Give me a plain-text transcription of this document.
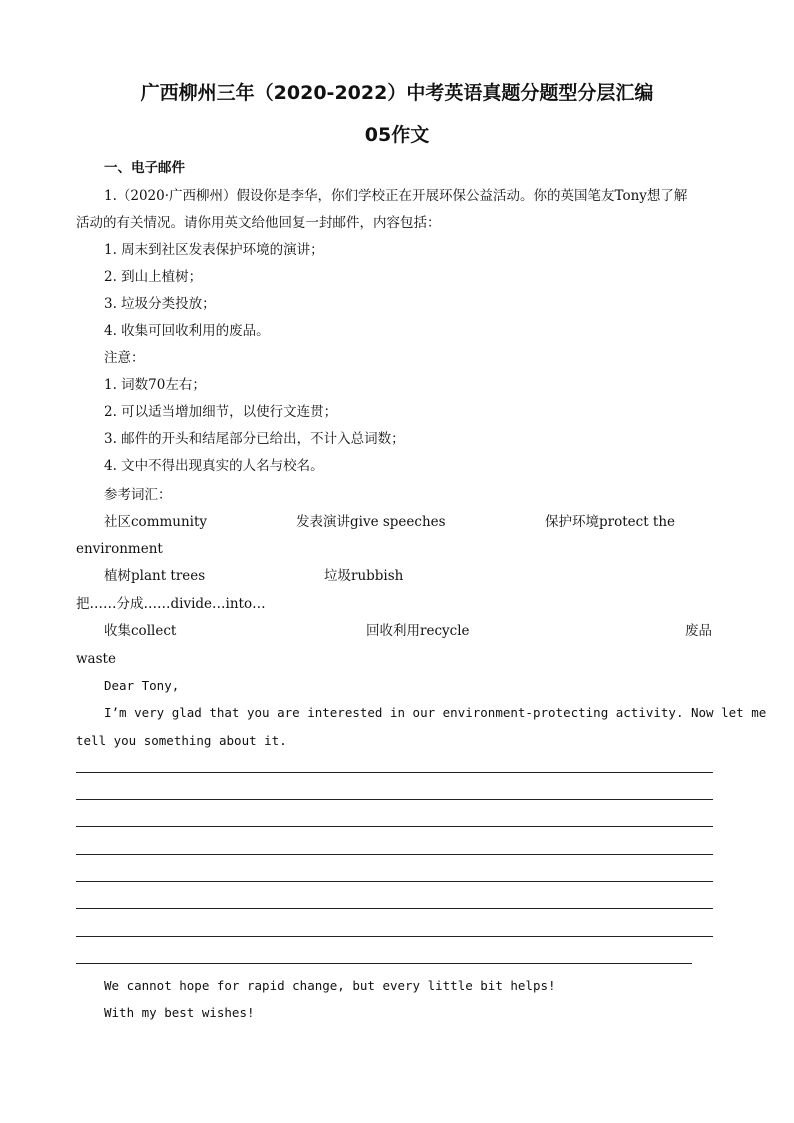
广西柳州三年（2020-2022）中考英语真题分题型分层汇编
05作文
一、电子邮件
1.（2020·广西柳州）假设你是李华，你们学校正在开展环保公益活动。你的英国笔友Tony想了解
活动的有关情况。请你用英文给他回复一封邮件，内容包括：
1. 周末到社区发表保护环境的演讲；
2. 到山上植树；
3. 垃圾分类投放；
4. 收集可回收利用的废品。
注意：
1. 词数70左右；
2. 可以适当增加细节，以使行文连贯；
3. 邮件的开头和结尾部分已给出，不计入总词数；
4. 文中不得出现真实的人名与校名。
参考词汇：
社区community	发表演讲give speeches	保护环境protect the
environment
植树plant trees	垃圾rubbish
把……分成……divide…into…
收集collect	回收利用recycle	废品
waste
Dear Tony,
I’m very glad that you are interested in our environment-protecting activity. Now let me
tell you something about it.
We cannot hope for rapid change, but every little bit helps!
With my best wishes!
